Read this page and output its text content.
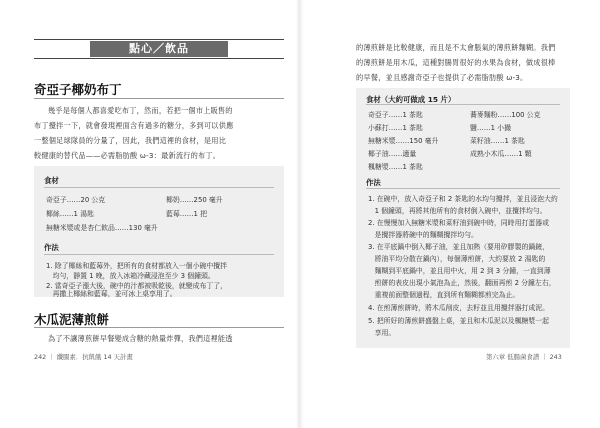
點心／飲品
奇亞子椰奶布丁
幾乎是每個人都喜愛吃布丁，然而，若把一個市上販售的
布丁攪拌一下，就會發現裡面含有過多的糖分，多到可以供應
一整個足球隊員的分量了，因此，我們這裡的食材，是用比
較健康的替代品——必需脂肪酸 ω-3：最新流行的布丁。
食材
奇亞子……20 公克	椰奶……250 毫升
椰絲……1 湯匙	藍莓……1 把
無糖米漿或是杏仁飲品……130 毫升
作法
1. 除了椰絲和藍莓外，把所有的食材都放入一個小碗中攪拌
均勻，靜置 1 晚，放入冰箱冷藏浸泡至少 3 個鐘頭。
2. 當奇亞子漲大後，碗中的汁都被吸乾後，就變成布丁了，
再撒上椰絲和藍莓，並可冰上桌享用了。
木瓜泥薄煎餅
為了不讓薄煎餅早餐變成含糖的熱量炸彈，我們這裡能透
242 ｜ 纖腸素．抗飢餓 14 天計畫
的薄煎餅是比較健康，而且是不太會脹氣的薄煎餅麵糊。我們
的薄煎餅是用木瓜，這種對腸胃很好的水果為食材，做成很棒
的早餐，並且感謝奇亞子也提供了必需脂肪酸 ω-3。
食材（大約可做成 15 片）
奇亞子……1 茶匙	蕎麥麵粉……100 公克
小蘇打……1 茶匙	鹽……1 小撮
無糖米漿……150 毫升	菜籽油……1 茶匙
椰子油……適量	成熟小木瓜……1 顆
楓糖漿……1 茶匙
作法
1. 在碗中，放入奇亞子和 2 茶匙的水均勻攪拌，並且浸泡大約
1 個鐘頭，再將其他所有的食材倒入碗中，並攪拌均勻。
2. 在慢慢加入無糖米漿和菜籽油到碗中時，同時用打蛋器或
是攪拌器將碗中的麵糊攪拌均勻。
3. 在平底鍋中倒入椰子油，並且加熱（要用矽膠製的鍋鏟，
將油平均分散在鍋內），每個薄煎餅，大約要放 2 湯匙的
麵糊到平底鍋中，並且用中火，用 2 到 3 分鐘，一直到薄
煎餅的表皮出現小氣泡為止，然後，翻面再煎 2 分鐘左右，
重複前面整個過程，直到所有麵糊都煎完為止。
4. 在煎薄煎餅時，將木瓜削皮，去籽並且用攪拌器打成泥。
5. 把所好的薄煎餅盛盤上桌，並且和木瓜泥以及楓糖漿一起
享用。
第六章 低腸菌食譜 ｜ 243
